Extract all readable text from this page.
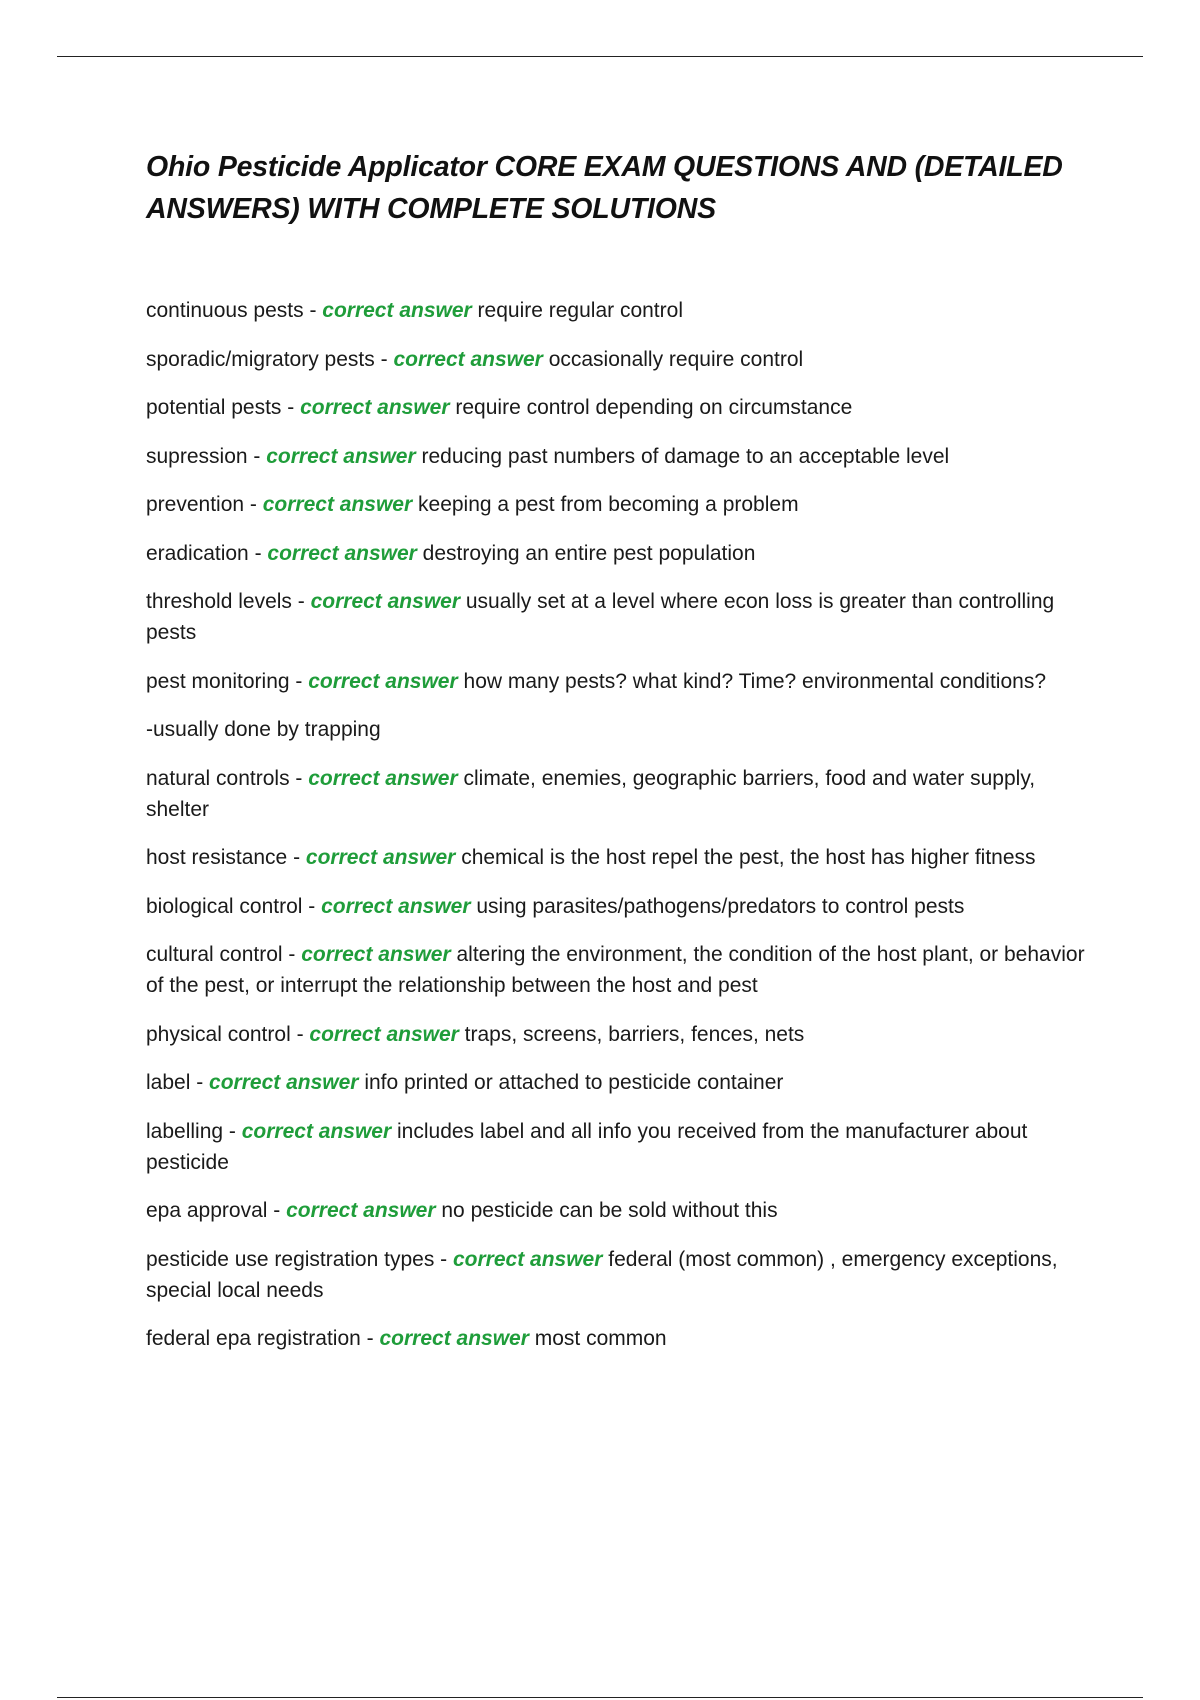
Ohio Pesticide Applicator CORE EXAM QUESTIONS AND (DETAILED ANSWERS) WITH COMPLETE SOLUTIONS
continuous pests - correct answer require regular control
sporadic/migratory pests - correct answer occasionally require control
potential pests - correct answer require control depending on circumstance
supression - correct answer reducing past numbers of damage to an acceptable level
prevention - correct answer keeping a pest from becoming a problem
eradication - correct answer destroying an entire pest population
threshold levels - correct answer usually set at a level where econ loss is greater than controlling pests
pest monitoring - correct answer how many pests? what kind? Time? environmental conditions?
-usually done by trapping
natural controls - correct answer climate, enemies, geographic barriers, food and water supply, shelter
host resistance - correct answer chemical is the host repel the pest, the host has higher fitness
biological control - correct answer using parasites/pathogens/predators to control pests
cultural control - correct answer altering the environment, the condition of the host plant, or behavior of the pest, or interrupt the relationship between the host and pest
physical control - correct answer traps, screens, barriers, fences, nets
label - correct answer info printed or attached to pesticide container
labelling - correct answer includes label and all info you received from the manufacturer about pesticide
epa approval - correct answer no pesticide can be sold without this
pesticide use registration types - correct answer federal (most common) , emergency exceptions, special local needs
federal epa registration - correct answer most common
